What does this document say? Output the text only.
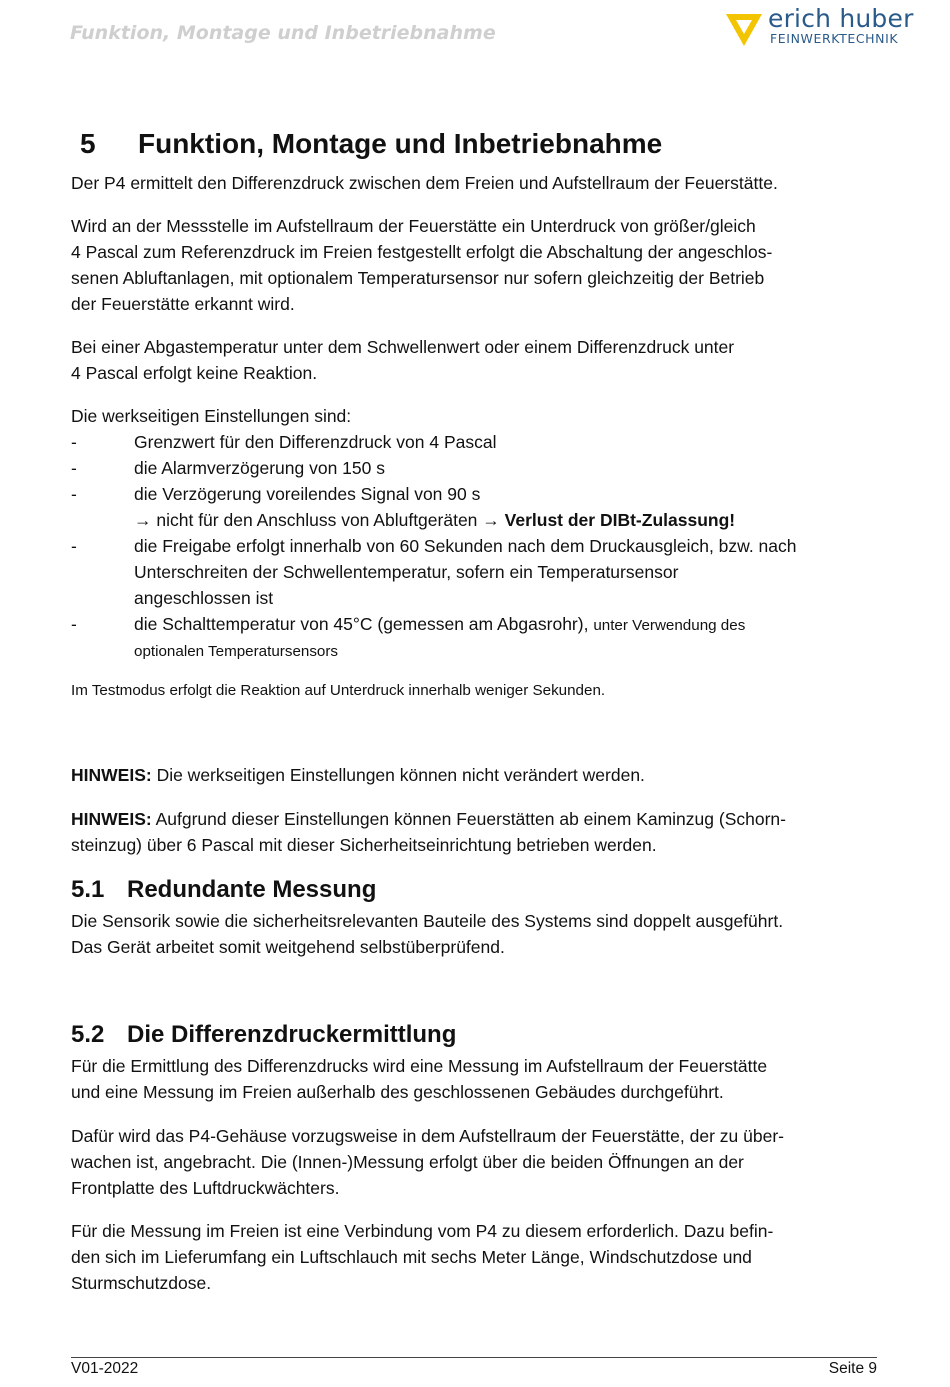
Funktion, Montage und Inbetriebnahme	erich huber
FEINWERKTECHNIK
5 Funktion, Montage und Inbetriebnahme
Der P4 ermittelt den Differenzdruck zwischen dem Freien und Aufstellraum der Feuerstätte.
Wird an der Messstelle im Aufstellraum der Feuerstätte ein Unterdruck von größer/gleich
4 Pascal zum Referenzdruck im Freien festgestellt erfolgt die Abschaltung der angeschlos-
senen Abluftanlagen, mit optionalem Temperatursensor nur sofern gleichzeitig der Betrieb
der Feuerstätte erkannt wird.
Bei einer Abgastemperatur unter dem Schwellenwert oder einem Differenzdruck unter
4 Pascal erfolgt keine Reaktion.
Die werkseitigen Einstellungen sind:
-	Grenzwert für den Differenzdruck von 4 Pascal
-	die Alarmverzögerung von 150 s
-	die Verzögerung voreilendes Signal von 90 s
→ nicht für den Anschluss von Abluftgeräten → Verlust der DIBt-Zulassung!
-	die Freigabe erfolgt innerhalb von 60 Sekunden nach dem Druckausgleich, bzw. nach
Unterschreiten der Schwellentemperatur, sofern ein Temperatursensor
angeschlossen ist
-	die Schalttemperatur von 45°C (gemessen am Abgasrohr), unter Verwendung des
optionalen Temperatursensors
Im Testmodus erfolgt die Reaktion auf Unterdruck innerhalb weniger Sekunden.
HINWEIS: Die werkseitigen Einstellungen können nicht verändert werden.
HINWEIS: Aufgrund dieser Einstellungen können Feuerstätten ab einem Kaminzug (Schorn-
steinzug) über 6 Pascal mit dieser Sicherheitseinrichtung betrieben werden.
5.1 Redundante Messung
Die Sensorik sowie die sicherheitsrelevanten Bauteile des Systems sind doppelt ausgeführt.
Das Gerät arbeitet somit weitgehend selbstüberprüfend.
5.2 Die Differenzdruckermittlung
Für die Ermittlung des Differenzdrucks wird eine Messung im Aufstellraum der Feuerstätte
und eine Messung im Freien außerhalb des geschlossenen Gebäudes durchgeführt.
Dafür wird das P4-Gehäuse vorzugsweise in dem Aufstellraum der Feuerstätte, der zu über-
wachen ist, angebracht. Die (Innen-)Messung erfolgt über die beiden Öffnungen an der
Frontplatte des Luftdruckwächters.
Für die Messung im Freien ist eine Verbindung vom P4 zu diesem erforderlich. Dazu befin-
den sich im Lieferumfang ein Luftschlauch mit sechs Meter Länge, Windschutzdose und
Sturmschutzdose.
V01-2022	Seite 9
